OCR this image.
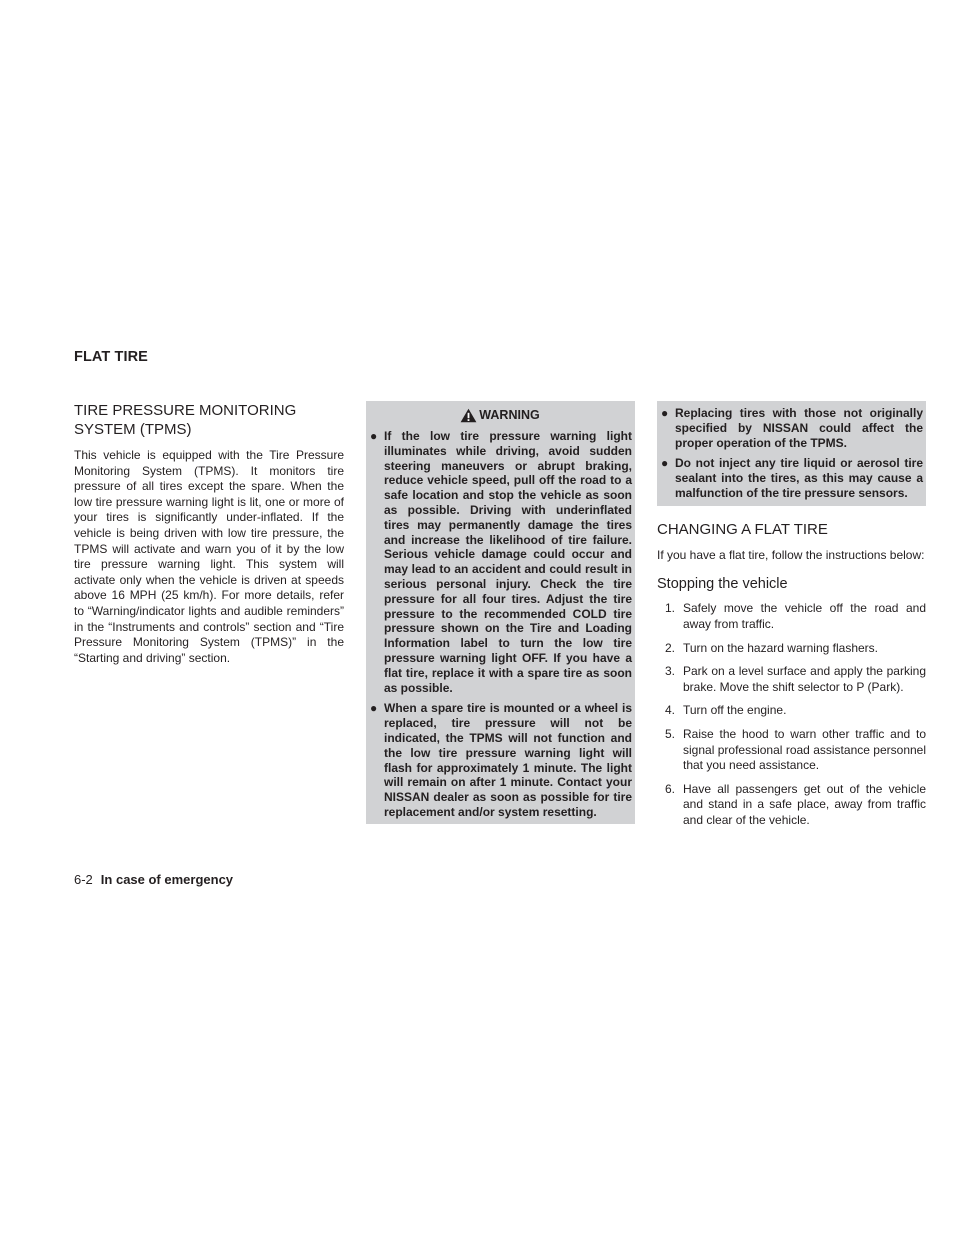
FLAT TIRE
TIRE PRESSURE MONITORING SYSTEM (TPMS)

This vehicle is equipped with the Tire Pressure Monitoring System (TPMS). It monitors tire pressure of all tires except the spare. When the low tire pressure warning light is lit, one or more of your tires is significantly under-inflated. If the vehicle is being driven with low tire pressure, the TPMS will activate and warn you of it by the low tire pressure warning light. This system will activate only when the vehicle is driven at speeds above 16 MPH (25 km/h). For more details, refer to “Warning/indicator lights and audible reminders” in the “Instruments and controls” section and “Tire Pressure Monitoring System (TPMS)” in the “Starting and driving” section.

WARNING
● If the low tire pressure warning light illuminates while driving, avoid sudden steering maneuvers or abrupt braking, reduce vehicle speed, pull off the road to a safe location and stop the vehicle as soon as possible. Driving with underinflated tires may permanently damage the tires and increase the likelihood of tire failure. Serious vehicle damage could occur and may lead to an accident and could result in serious personal injury. Check the tire pressure for all four tires. Adjust the tire pressure to the recommended COLD tire pressure shown on the Tire and Loading Information label to turn the low tire pressure warning light OFF. If you have a flat tire, replace it with a spare tire as soon as possible.
● When a spare tire is mounted or a wheel is replaced, tire pressure will not be indicated, the TPMS will not function and the low tire pressure warning light will flash for approximately 1 minute. The light will remain on after 1 minute. Contact your NISSAN dealer as soon as possible for tire replacement and/or system resetting.
● Replacing tires with those not originally specified by NISSAN could affect the proper operation of the TPMS.
● Do not inject any tire liquid or aerosol tire sealant into the tires, as this may cause a malfunction of the tire pressure sensors.
CHANGING A FLAT TIRE

If you have a flat tire, follow the instructions below:

Stopping the vehicle
1. Safely move the vehicle off the road and away from traffic.
2. Turn on the hazard warning flashers.
3. Park on a level surface and apply the parking brake. Move the shift selector to P (Park).
4. Turn off the engine.
5. Raise the hood to warn other traffic and to signal professional road assistance personnel that you need assistance.
6. Have all passengers get out of the vehicle and stand in a safe place, away from traffic and clear of the vehicle.
6-2 In case of emergency
